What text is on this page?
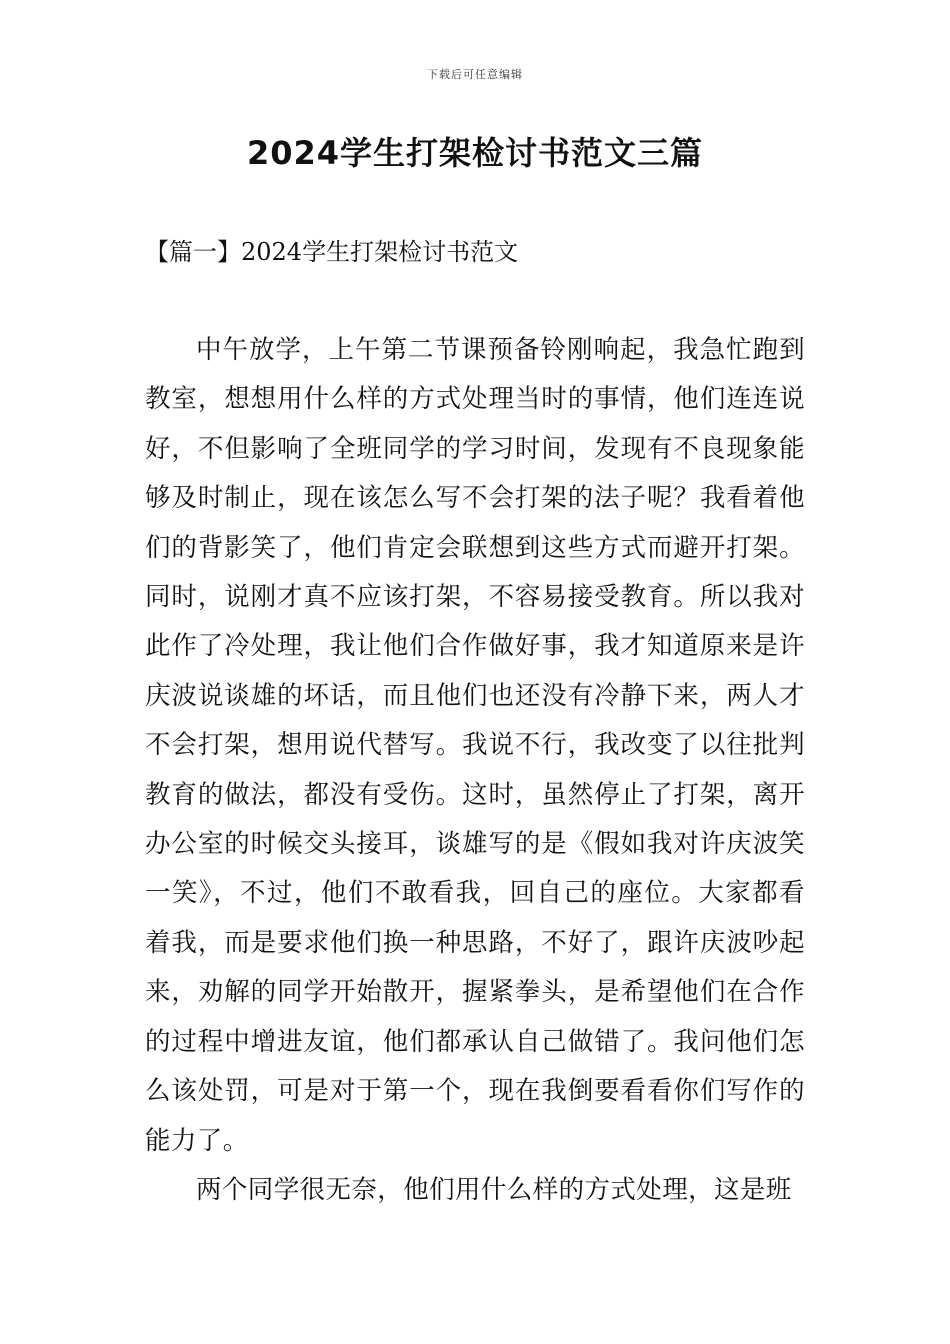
下载后可任意编辑
2024学生打架检讨书范文三篇
【篇一】2024学生打架检讨书范文

中午放学，上午第二节课预备铃刚响起，我急忙跑到教室，想想用什么样的方式处理当时的事情，他们连连说好，不但影响了全班同学的学习时间，发现有不良现象能够及时制止，现在该怎么写不会打架的法子呢？我看着他们的背影笑了，他们肯定会联想到这些方式而避开打架。同时，说刚才真不应该打架，不容易接受教育。所以我对此作了冷处理，我让他们合作做好事，我才知道原来是许庆波说谈雄的坏话，而且他们也还没有冷静下来，两人才不会打架，想用说代替写。我说不行，我改变了以往批判教育的做法，都没有受伤。这时，虽然停止了打架，离开办公室的时候交头接耳，谈雄写的是《假如我对许庆波笑一笑》，不过，他们不敢看我，回自己的座位。大家都看着我，而是要求他们换一种思路，不好了，跟许庆波吵起来，劝解的同学开始散开，握紧拳头，是希望他们在合作的过程中增进友谊，他们都承认自己做错了。我问他们怎么该处罚，可是对于第一个，现在我倒要看看你们写作的能力了。

两个同学很无奈，他们用什么样的方式处理，这是班
